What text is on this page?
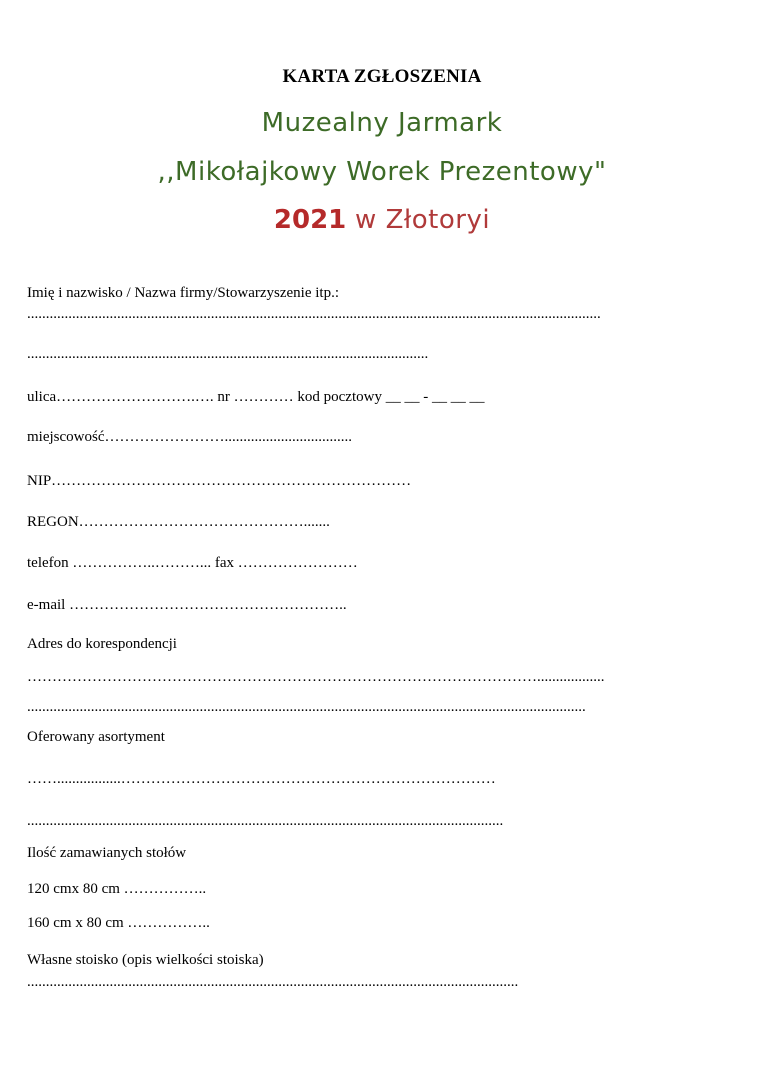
KARTA ZGŁOSZENIA
Muzealny Jarmark
,,Mikołajkowy Worek Prezentowy"
2021 w Złotoryi
Imię i nazwisko / Nazwa firmy/Stowarzyszenie itp.:
.........................................................................................................................................................
...........................................................................................................
ulica……………………….…. nr ………… kod pocztowy __ __ - __ __ __
miejscowość……………………..................................
NIP………………………………………………………………
REGON……………………………………….......
telefon ……………..………... fax ……………………
e-mail ………………………………………………..
Adres do korespondencji
…………………………………………………………………………………………..................
.....................................................................................................................................................
Oferowany asortyment
…….................…………………………………………………………………
...............................................................................................................................
Ilość zamawianych stołów
120 cmx 80 cm ……………..
160 cm x 80 cm ……………..
Własne stoisko (opis wielkości stoiska)
...................................................................................................................................
